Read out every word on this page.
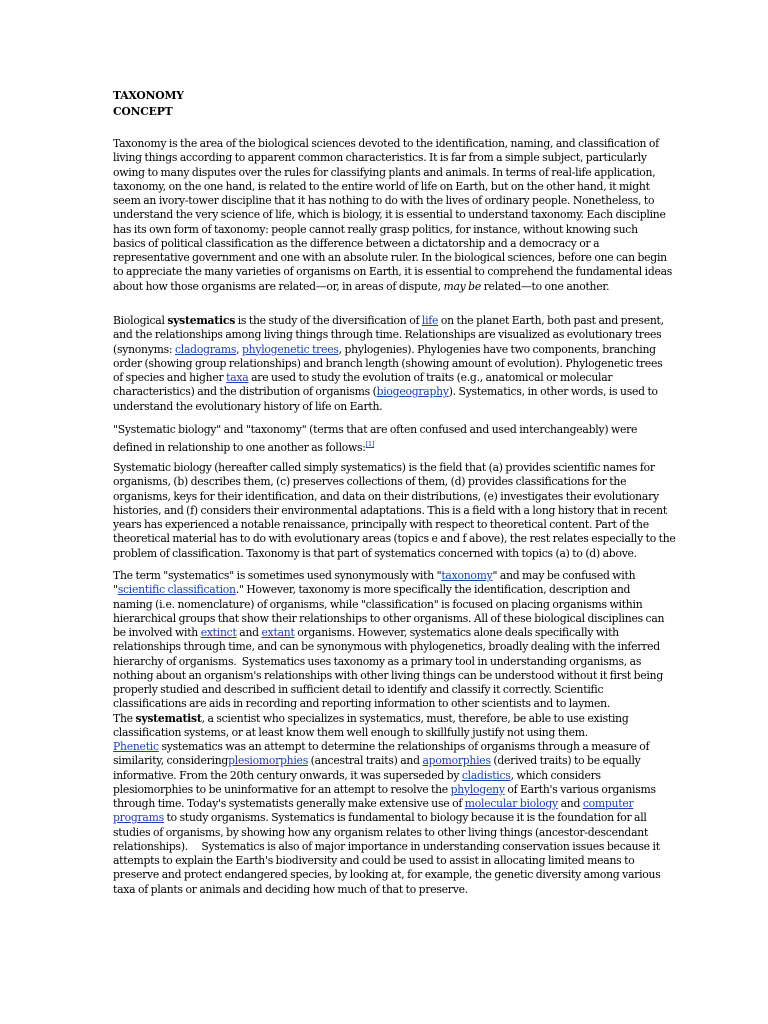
TAXONOMY
CONCEPT
Taxonomy is the area of the biological sciences devoted to the identification, naming, and classification of
living things according to apparent common characteristics. It is far from a simple subject, particularly
owing to many disputes over the rules for classifying plants and animals. In terms of real-life application,
taxonomy, on the one hand, is related to the entire world of life on Earth, but on the other hand, it might
seem an ivory-tower discipline that it has nothing to do with the lives of ordinary people. Nonetheless, to
understand the very science of life, which is biology, it is essential to understand taxonomy. Each discipline
has its own form of taxonomy: people cannot really grasp politics, for instance, without knowing such
basics of political classification as the difference between a dictatorship and a democracy or a
representative government and one with an absolute ruler. In the biological sciences, before one can begin
to appreciate the many varieties of organisms on Earth, it is essential to comprehend the fundamental ideas
about how those organisms are related—or, in areas of dispute, may be related—to one another.
Biological systematics is the study of the diversification of life on the planet Earth, both past and present,
and the relationships among living things through time. Relationships are visualized as evolutionary trees
(synonyms: cladograms, phylogenetic trees, phylogenies). Phylogenies have two components, branching
order (showing group relationships) and branch length (showing amount of evolution). Phylogenetic trees
of species and higher taxa are used to study the evolution of traits (e.g., anatomical or molecular
characteristics) and the distribution of organisms (biogeography). Systematics, in other words, is used to
understand the evolutionary history of life on Earth.
"Systematic biology" and "taxonomy" (terms that are often confused and used interchangeably) were
defined in relationship to one another as follows:[1]
Systematic biology (hereafter called simply systematics) is the field that (a) provides scientific names for
organisms, (b) describes them, (c) preserves collections of them, (d) provides classifications for the
organisms, keys for their identification, and data on their distributions, (e) investigates their evolutionary
histories, and (f) considers their environmental adaptations. This is a field with a long history that in recent
years has experienced a notable renaissance, principally with respect to theoretical content. Part of the
theoretical material has to do with evolutionary areas (topics e and f above), the rest relates especially to the
problem of classification. Taxonomy is that part of systematics concerned with topics (a) to (d) above.
The term "systematics" is sometimes used synonymously with "taxonomy" and may be confused with
"scientific classification." However, taxonomy is more specifically the identification, description and
naming (i.e. nomenclature) of organisms, while "classification" is focused on placing organisms within
hierarchical groups that show their relationships to other organisms. All of these biological disciplines can
be involved with extinct and extant organisms. However, systematics alone deals specifically with
relationships through time, and can be synonymous with phylogenetics, broadly dealing with the inferred
hierarchy of organisms.  Systematics uses taxonomy as a primary tool in understanding organisms, as
nothing about an organism's relationships with other living things can be understood without it first being
properly studied and described in sufficient detail to identify and classify it correctly. Scientific
classifications are aids in recording and reporting information to other scientists and to laymen.
The systematist, a scientist who specializes in systematics, must, therefore, be able to use existing
classification systems, or at least know them well enough to skillfully justify not using them.
Phenetic systematics was an attempt to determine the relationships of organisms through a measure of
similarity, consideringplesiomorphies (ancestral traits) and apomorphies (derived traits) to be equally
informative. From the 20th century onwards, it was superseded by cladistics, which considers
plesiomorphies to be uninformative for an attempt to resolve the phylogeny of Earth's various organisms
through time. Today's systematists generally make extensive use of molecular biology and computer
programs to study organisms. Systematics is fundamental to biology because it is the foundation for all
studies of organisms, by showing how any organism relates to other living things (ancestor-descendant
relationships).     Systematics is also of major importance in understanding conservation issues because it
attempts to explain the Earth's biodiversity and could be used to assist in allocating limited means to
preserve and protect endangered species, by looking at, for example, the genetic diversity among various
taxa of plants or animals and deciding how much of that to preserve.
